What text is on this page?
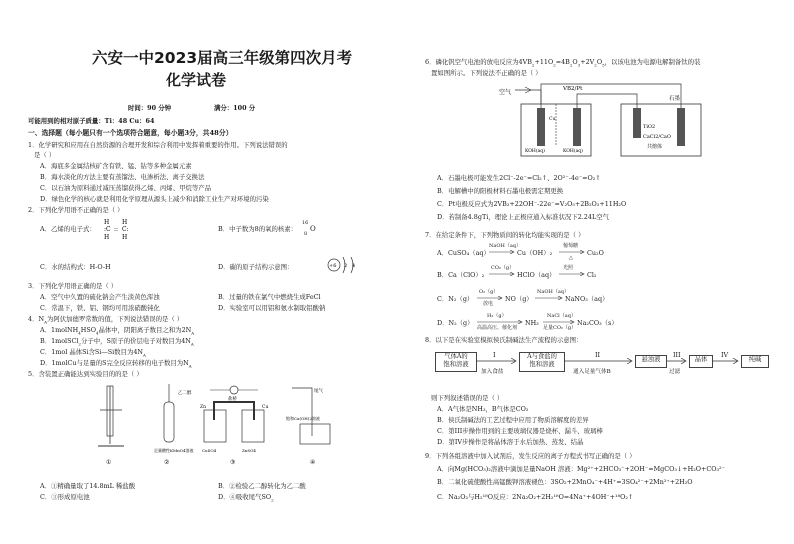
六安一中2023届高三年级第四次月考
化学试卷
时间：90 分钟	满分：100 分
可能用到的相对原子质量：Ti：48 Cu：64
一、选择题（每小题只有一个选项符合题意，每小题3分，共48分）
1．化学研究和应用在自然资源的合理开发和综合利用中发挥着重要的作用。下列说法错误的
是（ ）
A．海底多金属结核矿含有铁、锰、钴等多种金属元素
B．海水淡化的方法主要有蒸馏法、电渗析法、离子交换法
C．以石油为原料通过减压蒸馏获得乙烯、丙烯、甲烷等产品
D．绿色化学的核心就是利用化学原理从源头上减少和消除工业生产对环境的污染
2．下列化学用语不正确的是（ ）
A．乙烯的电子式：
H H
:C :: C:
H H
B．中子数为8的氧的核素：
16
8
O
C．水的结构式：H-O-H	D．碳的原子结构示意图：	+6 2 4
3．下列化学用语正确的是（ ）
A．空气中久置的硫化钠会产生淡黄色浑浊	B．过量的铁在氯气中燃烧生成FeCl
C．常温下，铁、铝、钢均可用浓硝酸钝化	D．实验室可以用铝和氨水制取铝酸钠
4．$N_A$为阿伏加德罗常数的值，下列说法错误的是（ ）
A．$1molNH_4HSO_4$晶体中，阴阳离子数目之和为$2N_A$
B．1molSCl$_2$分子中，S原子的价层电子对数目为$4N_A$
C．1mol 晶体Si含Si—Si数目为$4N_A$
D．1molCu与足量的S完全反应转移的电子数目为$N_A$
5．含装置正确能达到实验目的的是（ ）
①
乙二醇
足量酸性KMnO4溶液
②
Zn
盐桥
Cu
CuSO4	ZnSO4
③
尾气
饱和Ca(OH)2溶液
④
A．①精确量取了14.8mL 稀盐酸	B．②检验乙二醇转化为乙二酸
C．③形成原电池	D．④吸收尾气$SO_2$
6．磷化钒空气电池的放电反应为$4VB_2+11O_2=4B_2O_3+2V_2O_5$，以该电池为电源电解制备钛的装
置如图所示。下列说法不正确的是（ ）
空气
Cu
KOH(aq)	KOH(aq)
VB2/Pt
石墨
TiO2
CaCl2/CaO
共熔体
A．石墨电极可能发生2Cl⁻-2e⁻=Cl₂↑、2O²⁻-4e⁻=O₂↑
B．电解槽中的阳极材料石墨电极需定期更换
C．Pt电极反应式为2VB₂+22OH⁻-22e⁻=V₂O₅+2B₂O₃+11H₂O
D．若制备4.8gTi，理论上正极应通入标准状况下2.24L空气
7．在给定条件下，下列物质间的转化均能实现的是（ ）
A．CuSO₄（aq）
NaOH（aq）
Cu（OH）₂
葡萄糖
△
Cu₂O
B．Ca（ClO）₂
CO₂（g）
HClO（aq）
光照
Cl₂
C．N₂（g）
O₂（g）
放电
NO（g）
NaOH（aq）
NaNO₃（aq）
D．N₂（g）
H₂（g）
高温高压、催化剂
NH₃
NaCl（aq）
足量CO₂（g）
Na₂CO₃（s）
8．以下是在实验室模拟侯氏制碱法生产流程的示意图：
气体A的
饱和溶液
I
加入食盐
A与食盐的
饱和溶液
II
通入足量气体B
悬浊液
III
过滤
晶体
IV
纯碱
则下列叙述错误的是（ ）
A．A气体是NH₃，B气体是CO₂
B．侯氏制碱法的工艺过程中应用了物质溶解度的差异
C．第III步操作用到的主要玻璃仪器是烧杯、漏斗、玻璃棒
D．第IV步操作是将晶体溶于水后加热、蒸发、结晶
9．下列各组溶液中加入试剂后，发生反应的离子方程式书写正确的是（ ）
A．向Mg(HCO₃)₂溶液中滴加足量NaOH 溶液：Mg²⁺+2HCO₃⁻+2OH⁻=MgCO₃↓+H₂O+CO₃²⁻
B．二氧化硫使酸性高锰酸钾溶液褪色：3SO₂+2MnO₄⁻+4H⁺=3SO₄²⁻+2Mn²⁺+2H₂O
C．Na₂O₂与H₂¹⁸O反应：2Na₂O₂+2H₂¹⁸O=4Na⁺+4OH⁻+¹⁸O₂↑
